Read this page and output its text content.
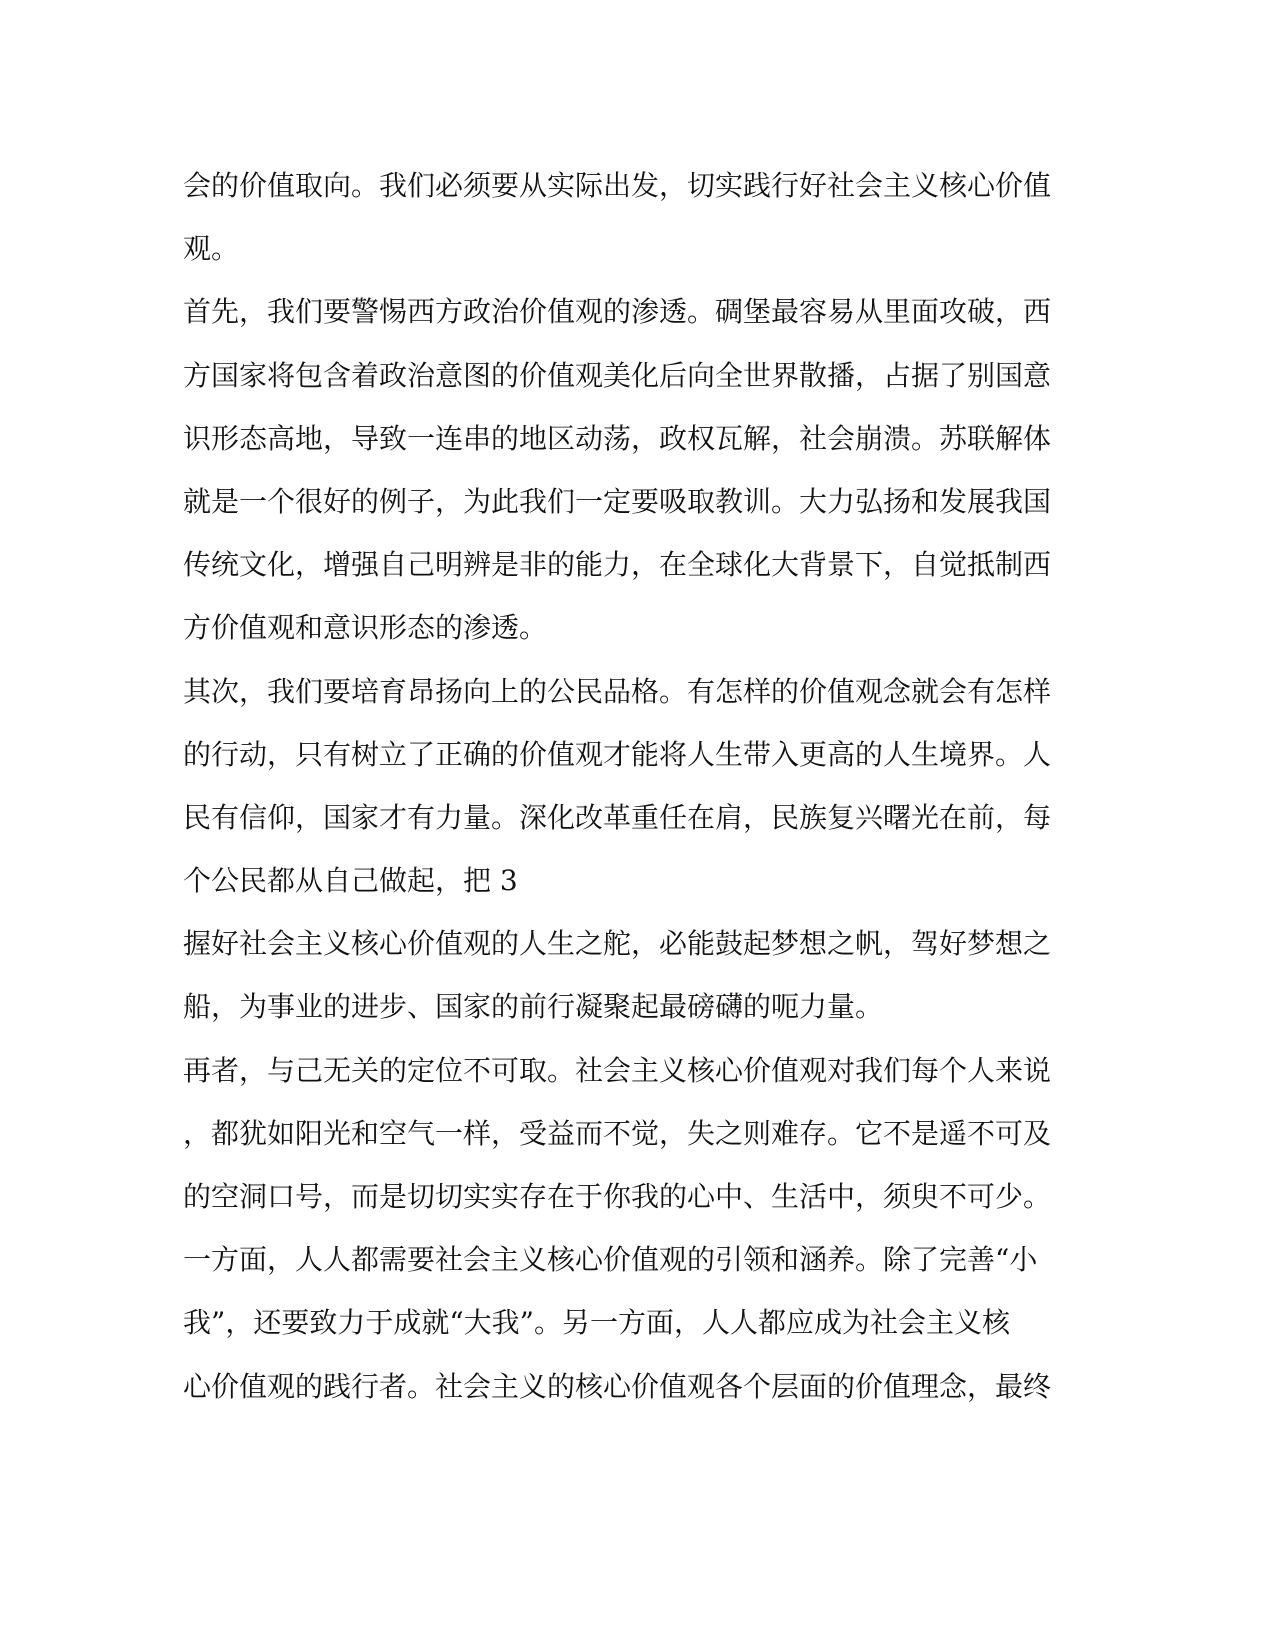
会的价值取向。我们必须要从实际出发，切实践行好社会主义核心价值
观。
首先，我们要警惕西方政治价值观的渗透。碉堡最容易从里面攻破，西
方国家将包含着政治意图的价值观美化后向全世界散播，占据了别国意
识形态高地，导致一连串的地区动荡，政权瓦解，社会崩溃。苏联解体
就是一个很好的例子，为此我们一定要吸取教训。大力弘扬和发展我国
传统文化，增强自己明辨是非的能力，在全球化大背景下，自觉抵制西
方价值观和意识形态的渗透。
其次，我们要培育昂扬向上的公民品格。有怎样的价值观念就会有怎样
的行动，只有树立了正确的价值观才能将人生带入更高的人生境界。人
民有信仰，国家才有力量。深化改革重任在肩，民族复兴曙光在前，每
个公民都从自己做起，把 3
握好社会主义核心价值观的人生之舵，必能鼓起梦想之帆，驾好梦想之
船，为事业的进步、国家的前行凝聚起最磅礴的呃力量。
再者，与己无关的定位不可取。社会主义核心价值观对我们每个人来说
，都犹如阳光和空气一样，受益而不觉，失之则难存。它不是遥不可及
的空洞口号，而是切切实实存在于你我的心中、生活中，须臾不可少。
一方面，人人都需要社会主义核心价值观的引领和涵养。除了完善“小
我”，还要致力于成就“大我”。另一方面，人人都应成为社会主义核
心价值观的践行者。社会主义的核心价值观各个层面的价值理念，最终
